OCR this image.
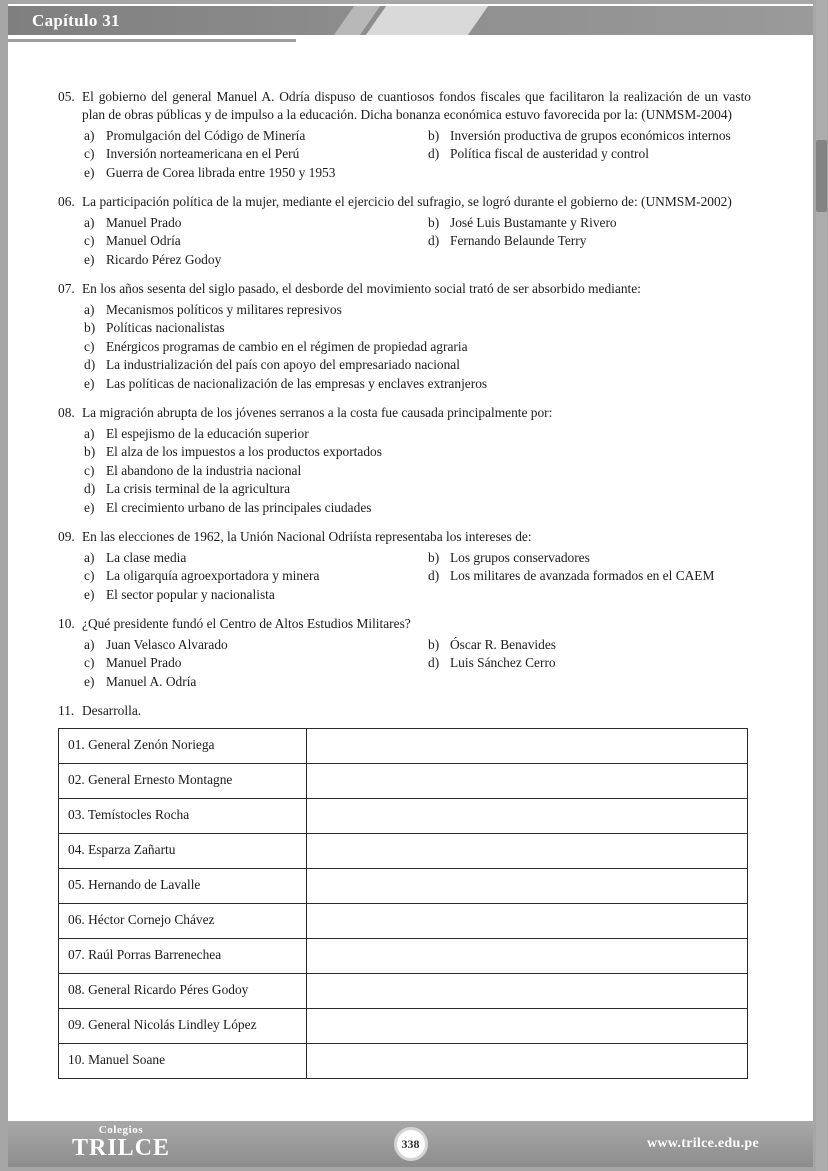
Capítulo 31
05. El gobierno del general Manuel A. Odría dispuso de cuantiosos fondos fiscales que facilitaron la realización de un vasto plan de obras públicas y de impulso a la educación. Dicha bonanza económica estuvo favorecida por la: (UNMSM-2004)
a) Promulgación del Código de Minería	b) Inversión productiva de grupos económicos internos
c) Inversión norteamericana en el Perú	d) Política fiscal de austeridad y control
e) Guerra de Corea librada entre 1950 y 1953
06. La participación política de la mujer, mediante el ejercicio del sufragio, se logró durante el gobierno de: (UNMSM-2002)
a) Manuel Prado	b) José Luis Bustamante y Rivero
c) Manuel Odría	d) Fernando Belaunde Terry
e) Ricardo Pérez Godoy
07. En los años sesenta del siglo pasado, el desborde del movimiento social trató de ser absorbido mediante:
a) Mecanismos políticos y militares represivos
b) Políticas nacionalistas
c) Enérgicos programas de cambio en el régimen de propiedad agraria
d) La industrialización del país con apoyo del empresariado nacional
e) Las políticas de nacionalización de las empresas y enclaves extranjeros
08. La migración abrupta de los jóvenes serranos a la costa fue causada principalmente por:
a) El espejismo de la educación superior
b) El alza de los impuestos a los productos exportados
c) El abandono de la industria nacional
d) La crisis terminal de la agricultura
e) El crecimiento urbano de las principales ciudades
09. En las elecciones de 1962, la Unión Nacional Odriísta representaba los intereses de:
a) La clase media	b) Los grupos conservadores
c) La oligarquía agroexportadora y minera	d) Los militares de avanzada formados en el CAEM
e) El sector popular y nacionalista
10. ¿Qué presidente fundó el Centro de Altos Estudios Militares?
a) Juan Velasco Alvarado	b) Óscar R. Benavides
c) Manuel Prado	d) Luis Sánchez Cerro
e) Manuel A. Odría
11. Desarrolla.
01. General Zenón Noriega	
02. General Ernesto Montagne	
03. Temístocles Rocha	
04. Esparza Zañartu	
05. Hernando de Lavalle	
06. Héctor Cornejo Chávez	
07. Raúl Porras Barrenechea	
08. General Ricardo Péres Godoy	
09. General Nicolás Lindley López	
10. Manuel Soane	
Colegios
TRILCE	338	www.trilce.edu.pe
